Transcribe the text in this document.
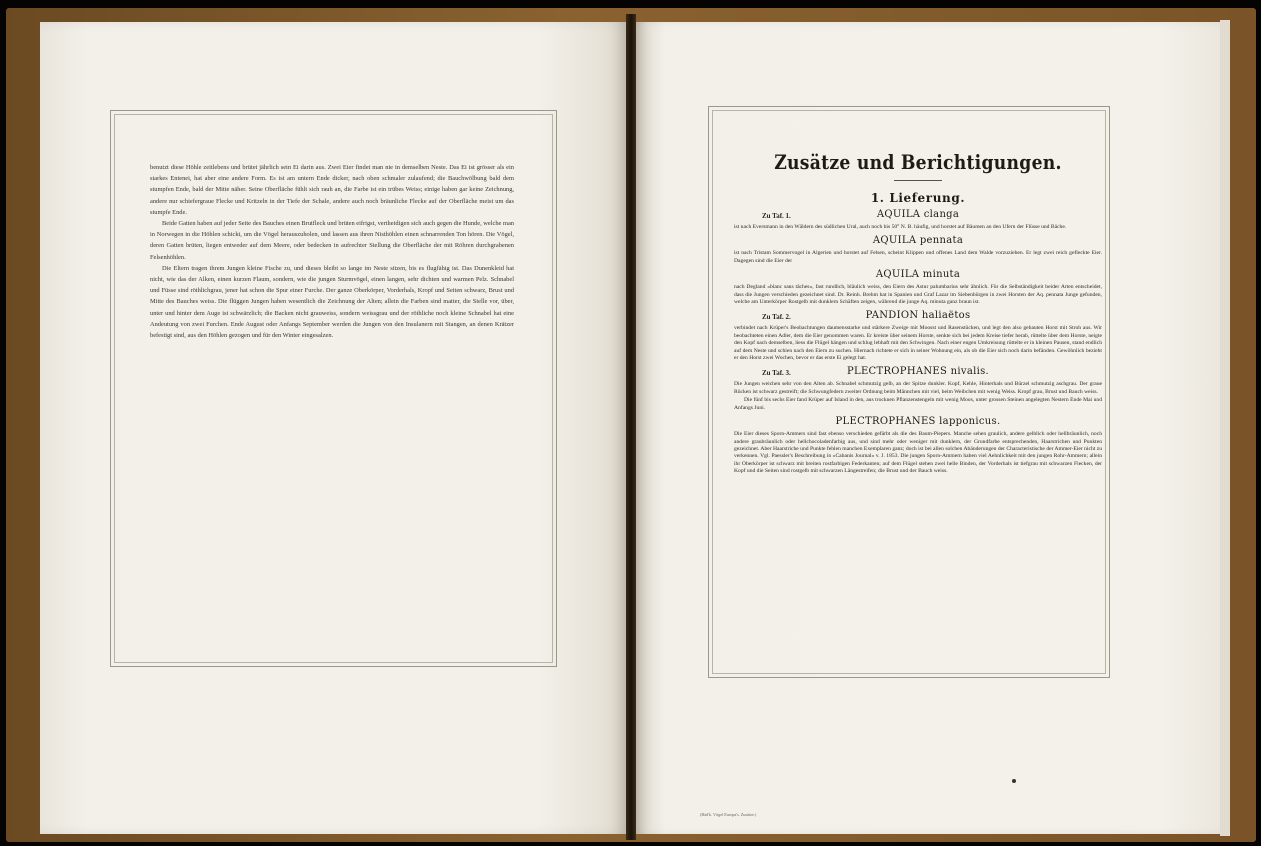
benutzt diese Höhle zeitlebens und brütet jährlich sein Ei darin aus. Zwei Eier findet man nie in demselben Neste. Das Ei ist grösser als ein starkes Entenei, hat aber eine andere Form. Es ist am untern Ende dicker, nach oben schmaler zulaufend; die Bauchwölbung bald dem stumpfen Ende, bald der Mitte näher. Seine Oberfläche fühlt sich rauh an, die Farbe ist ein trübes Weiss; einige haben gar keine Zeichnung, andere nur schiefergraue Flecke und Kritzeln in der Tiefe der Schale, andere auch noch bräunliche Flecke auf der Oberfläche meist um das stumpfe Ende.

Beide Gatten haben auf jeder Seite des Bauches einen Brutfleck und brüten eifrigst, vertheidigen sich auch gegen die Hunde, welche man in Norwegen in die Höhlen schickt, um die Vögel herauszuholen, und lassen aus ihren Nisthöhlen einen schnarrenden Ton hören. Die Vögel, deren Gatten brüten, liegen entweder auf dem Meere, oder bedecken in aufrechter Stellung die Oberfläche der mit Röhren durchgrabenen Felsenhöhlen.

Die Eltern tragen ihrem Jungen kleine Fische zu, und dieses bleibt so lange im Neste sitzen, bis es flugfähig ist. Das Dunenkleid hat nicht, wie das der Alken, einen kurzen Flaum, sondern, wie die jungen Sturmvögel, einen langen, sehr dichten und warmen Pelz. Schnabel und Füsse sind röthlichgrau, jener hat schon die Spur einer Furche. Der ganze Oberkörper, Vorderhals, Kropf und Seiten schwarz, Brust und Mitte des Bauches weiss. Die flüggen Jungen haben wesentlich die Zeichnung der Alten; allein die Farben sind matter, die Stelle vor, über, unter und hinter dem Auge ist schwärzlich; die Backen nicht grauweiss, sondern weissgrau und der röthliche noch kleine Schnabel hat eine Andeutung von zwei Furchen. Ende August oder Anfangs September werden die Jungen von den Insulanern mit Stangen, an denen Krätzer befestigt sind, aus den Höhlen gezogen und für den Winter eingesalzen.

Zusätze und Berichtigungen.
1. Lieferung.
Zu Taf. 1.	AQUILA clanga

ist nach Eversmann in den Wäldern des südlichen Ural, auch noch bis 50° N. B. häufig, und horstet auf Bäumen an den Ufern der Flüsse und Bäche.

AQUILA pennata

ist nach Tristam Sommervogel in Algerien und horstet auf Felsen, scheint Klippen und offenes Land dem Walde vorzuziehen. Er legt zwei reich gefleckte Eier. Dagegen sind die Eier der

AQUILA minuta

nach Degland «blanc sans tâches», fast rundlich, bläulich weiss, den Eiern des Astur palumbarius sehr ähnlich. Für die Selbständigkeit beider Arten entscheidet, dass die Jungen verschieden gezeichnet sind. Dr. Reinh. Brehm hat in Spanien und Graf Lazar im Siebenbürgen in zwei Horsten der Aq. pennata Junge gefunden, welche am Unterkörper Rostgelb mit dunklern Schäften zeigen, während die junge Aq. minuta ganz braun ist.

Zu Taf. 2.	PANDION haliaëtos

verbindet nach Krüper's Beobachtungen daumensstarke und stärkere Zweige mit Moosst und Rasenstücken, und legt den also gebauten Horst mit Stroh aus. Wir beobachteten einen Adler, dem die Eier genommen waren. Er kreiste über seinem Horste, senkte sich bei jedem Kreise tiefer herab, rüttelte über dem Horste, neigte den Kopf nach demselben, liess die Flügel hängen und schlug lebhaft mit den Schwingen. Nach einer engen Umkreisung rüttelte er in kleinen Pausen, stand endlich auf dem Neste und schien nach den Eiern zu suchen. Hiernach richtete er sich in seiner Wohnung ein, als ob die Eier sich noch darin befänden. Gewöhnlich bezieht er den Horst zwei Wochen, bevor er das erste Ei gelegt hat.

Zu Taf. 3.	PLECTROPHANES nivalis.

Die Jungen weichen sehr von den Alten ab. Schnabel schmutzig gelb, an der Spitze dunkler. Kopf, Kehle, Hinterhals und Bürzel schmutzig aschgrau. Der graue Rücken ist schwarz gestreift; die Schwungfedern zweiter Ordnung beim Männchen mit viel, beim Weibchen mit wenig Weiss. Kropf grau, Brust und Bauch weiss.

Die fünf bis sechs Eier fand Krüper auf Island in den, aus trocknen Pflanzenstengeln mit wenig Moos, unter grossen Steinen angelegten Nestern Ende Mai und Anfangs Juni.

PLECTROPHANES lapponicus.

Die Eier dieses Sporn-Ammers sind fast ebenso verschieden gefärbt als die des Baum-Piepers. Manche sehen graulich, andere gelblich oder hellbräunlich, noch andere graubräunlich oder hellchocoladenfarbig aus, und sind mehr oder weniger mit dunklern, der Grundfarbe entsprechenden, Haarstrichen und Punkten gezeichnet. Aber Haarstriche und Punkte fehlen manchen Exemplaren ganz; doch ist bei allen solchen Abänderungen der Characteristische der Ammer-Eier nicht zu verkennen. Vgl. Paessler's Beschreibung in «Cabanis Journal» v. J. 1853. Die jungen Sporn-Ammern haben viel Aehnlichkeit mit den jungen Rohr-Ammern; allein ihr Oberkörper ist schwarz mit breiten rostfarbigen Federkanten; auf dem Flügel stehen zwei helle Binden, der Vorderhals ist tiefgrau mit schwarzen Flecken, der Kopf und die Seiten sind rostgelb mit schwarzen Längestreifen; die Brust und der Bauch weiss.

(Bäd'k. Vögel Europa's. Zusätze.)
